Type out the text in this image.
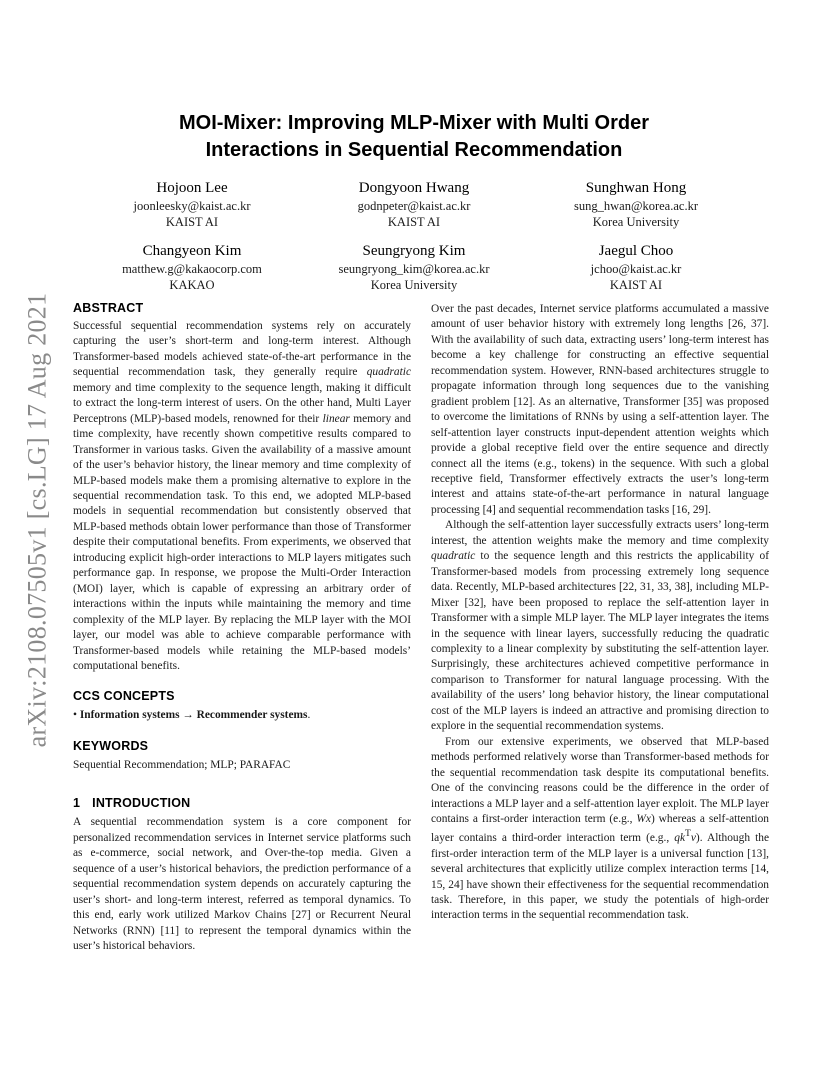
arXiv:2108.07505v1 [cs.LG] 17 Aug 2021
MOI-Mixer: Improving MLP-Mixer with Multi Order
Interactions in Sequential Recommendation
Hojoon Lee
joonleesky@kaist.ac.kr
KAIST AI
Dongyoon Hwang
godnpeter@kaist.ac.kr
KAIST AI
Sunghwan Hong
sung_hwan@korea.ac.kr
Korea University
Changyeon Kim
matthew.g@kakaocorp.com
KAKAO
Seungryong Kim
seungryong_kim@korea.ac.kr
Korea University
Jaegul Choo
jchoo@kaist.ac.kr
KAIST AI
ABSTRACT

Successful sequential recommendation systems rely on accurately capturing the user’s short-term and long-term interest. Although Transformer-based models achieved state-of-the-art performance in the sequential recommendation task, they generally require quadratic memory and time complexity to the sequence length, making it difficult to extract the long-term interest of users. On the other hand, Multi Layer Perceptrons (MLP)-based models, renowned for their linear memory and time complexity, have recently shown competitive results compared to Transformer in various tasks. Given the availability of a massive amount of the user’s behavior history, the linear memory and time complexity of MLP-based models make them a promising alternative to explore in the sequential recommendation task. To this end, we adopted MLP-based models in sequential recommendation but consistently observed that MLP-based methods obtain lower performance than those of Transformer despite their computational benefits. From experiments, we observed that introducing explicit high-order interactions to MLP layers mitigates such performance gap. In response, we propose the Multi-Order Interaction (MOI) layer, which is capable of expressing an arbitrary order of interactions within the inputs while maintaining the memory and time complexity of the MLP layer. By replacing the MLP layer with the MOI layer, our model was able to achieve comparable performance with Transformer-based models while retaining the MLP-based models’ computational benefits.

CCS CONCEPTS

• Information systems → Recommender systems.

KEYWORDS

Sequential Recommendation; MLP; PARAFAC

1 INTRODUCTION

A sequential recommendation system is a core component for personalized recommendation services in Internet service platforms such as e-commerce, social network, and Over-the-top media. Given a sequence of a user’s historical behaviors, the prediction performance of a sequential recommendation system depends on accurately capturing the user’s short- and long-term interest, referred as temporal dynamics. To this end, early work utilized Markov Chains [27] or Recurrent Neural Networks (RNN) [11] to represent the temporal dynamics within the user’s historical behaviors.

Over the past decades, Internet service platforms accumulated a massive amount of user behavior history with extremely long lengths [26, 37]. With the availability of such data, extracting users’ long-term interest has become a key challenge for constructing an effective sequential recommendation system. However, RNN-based architectures struggle to propagate information through long sequences due to the vanishing gradient problem [12]. As an alternative, Transformer [35] was proposed to overcome the limitations of RNNs by using a self-attention layer. The self-attention layer constructs input-dependent attention weights which provide a global receptive field over the entire sequence and directly connect all the items (e.g., tokens) in the sequence. With such a global receptive field, Transformer effectively extracts the user’s long-term interest and attains state-of-the-art performance in natural language processing [4] and sequential recommendation tasks [16, 29].

Although the self-attention layer successfully extracts users’ long-term interest, the attention weights make the memory and time complexity quadratic to the sequence length and this restricts the applicability of Transformer-based models from processing extremely long sequence data. Recently, MLP-based architectures [22, 31, 33, 38], including MLP-Mixer [32], have been proposed to replace the self-attention layer in Transformer with a simple MLP layer. The MLP layer integrates the items in the sequence with linear layers, successfully reducing the quadratic complexity to a linear complexity by substituting the self-attention layer. Surprisingly, these architectures achieved competitive performance in comparison to Transformer for natural language processing. With the availability of the users’ long behavior history, the linear computational cost of the MLP layers is indeed an attractive and promising direction to explore in the sequential recommendation systems.

From our extensive experiments, we observed that MLP-based methods performed relatively worse than Transformer-based methods for the sequential recommendation task despite its computational benefits. One of the convincing reasons could be the difference in the order of interactions a MLP layer and a self-attention layer exploit. The MLP layer contains a first-order interaction term (e.g., Wx) whereas a self-attention layer contains a third-order interaction term (e.g., $qk^Tv$). Although the first-order interaction term of the MLP layer is a universal function [13], several architectures that explicitly utilize complex interaction terms [14, 15, 24] have shown their effectiveness for the sequential recommendation task. Therefore, in this paper, we study the potentials of high-order interaction terms in the sequential recommendation task.
